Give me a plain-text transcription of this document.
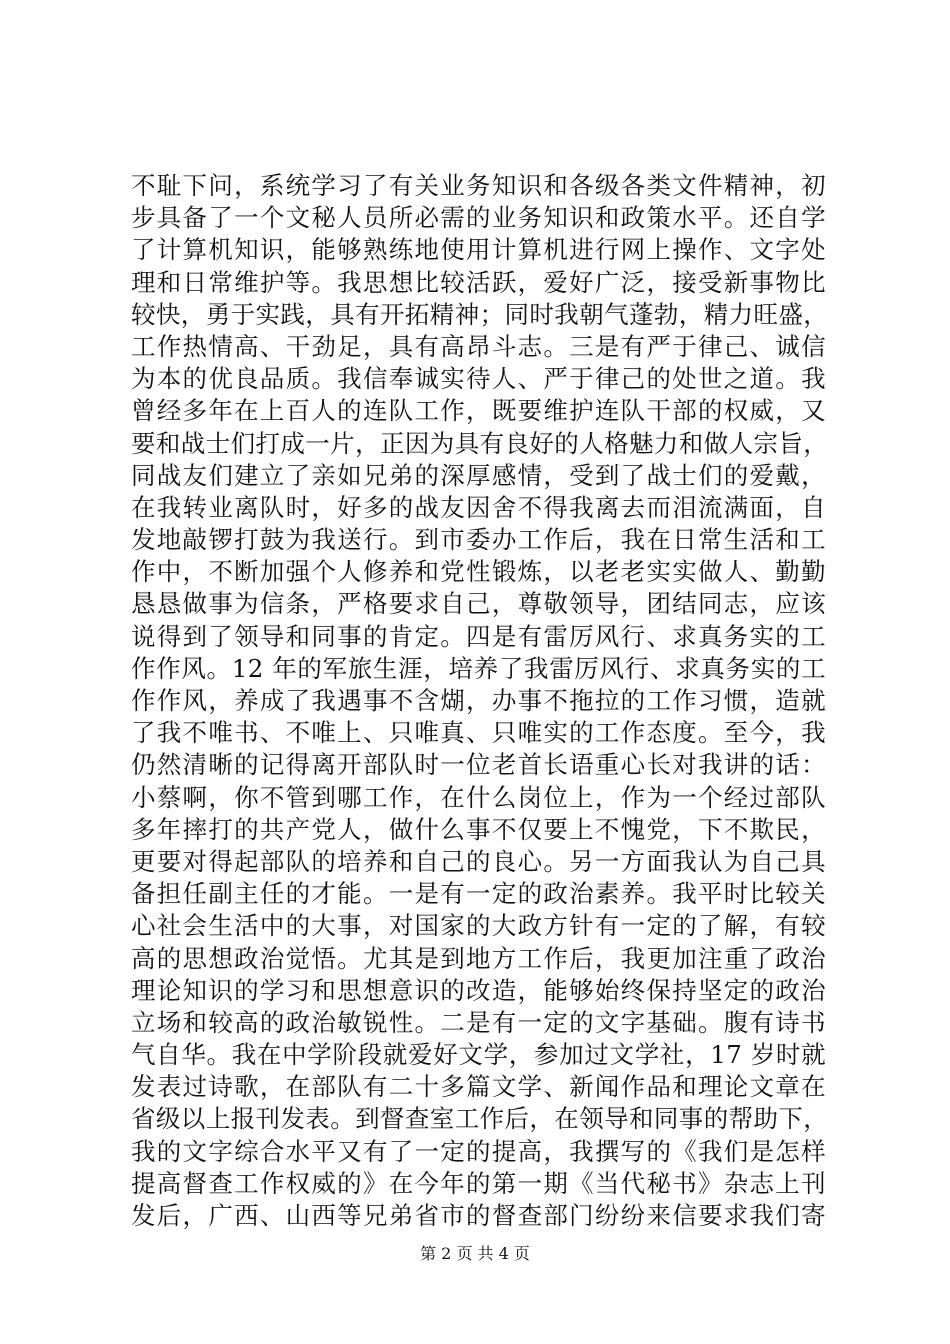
不耻下问，系统学习了有关业务知识和各级各类文件精神，初
步具备了一个文秘人员所必需的业务知识和政策水平。还自学
了计算机知识，能够熟练地使用计算机进行网上操作、文字处
理和日常维护等。我思想比较活跃，爱好广泛，接受新事物比
较快，勇于实践，具有开拓精神；同时我朝气蓬勃，精力旺盛，
工作热情高、干劲足，具有高昂斗志。三是有严于律己、诚信
为本的优良品质。我信奉诚实待人、严于律己的处世之道。我
曾经多年在上百人的连队工作，既要维护连队干部的权威，又
要和战士们打成一片，正因为具有良好的人格魅力和做人宗旨，
同战友们建立了亲如兄弟的深厚感情，受到了战士们的爱戴，
在我转业离队时，好多的战友因舍不得我离去而泪流满面，自
发地敲锣打鼓为我送行。到市委办工作后，我在日常生活和工
作中，不断加强个人修养和党性锻炼，以老老实实做人、勤勤
恳恳做事为信条，严格要求自己，尊敬领导，团结同志，应该
说得到了领导和同事的肯定。四是有雷厉风行、求真务实的工
作作风。12 年的军旅生涯，培养了我雷厉风行、求真务实的工
作作风，养成了我遇事不含煳，办事不拖拉的工作习惯，造就
了我不唯书、不唯上、只唯真、只唯实的工作态度。至今，我
仍然清晰的记得离开部队时一位老首长语重心长对我讲的话：
小蔡啊，你不管到哪工作，在什么岗位上，作为一个经过部队
多年摔打的共产党人，做什么事不仅要上不愧党，下不欺民，
更要对得起部队的培养和自己的良心。另一方面我认为自己具
备担任副主任的才能。一是有一定的政治素养。我平时比较关
心社会生活中的大事，对国家的大政方针有一定的了解，有较
高的思想政治觉悟。尤其是到地方工作后，我更加注重了政治
理论知识的学习和思想意识的改造，能够始终保持坚定的政治
立场和较高的政治敏锐性。二是有一定的文字基础。腹有诗书
气自华。我在中学阶段就爱好文学，参加过文学社，17 岁时就
发表过诗歌，在部队有二十多篇文学、新闻作品和理论文章在
省级以上报刊发表。到督查室工作后，在领导和同事的帮助下，
我的文字综合水平又有了一定的提高，我撰写的《我们是怎样
提高督查工作权威的》在今年的第一期《当代秘书》杂志上刊
发后，广西、山西等兄弟省市的督查部门纷纷来信要求我们寄
第 2 页 共 4 页
